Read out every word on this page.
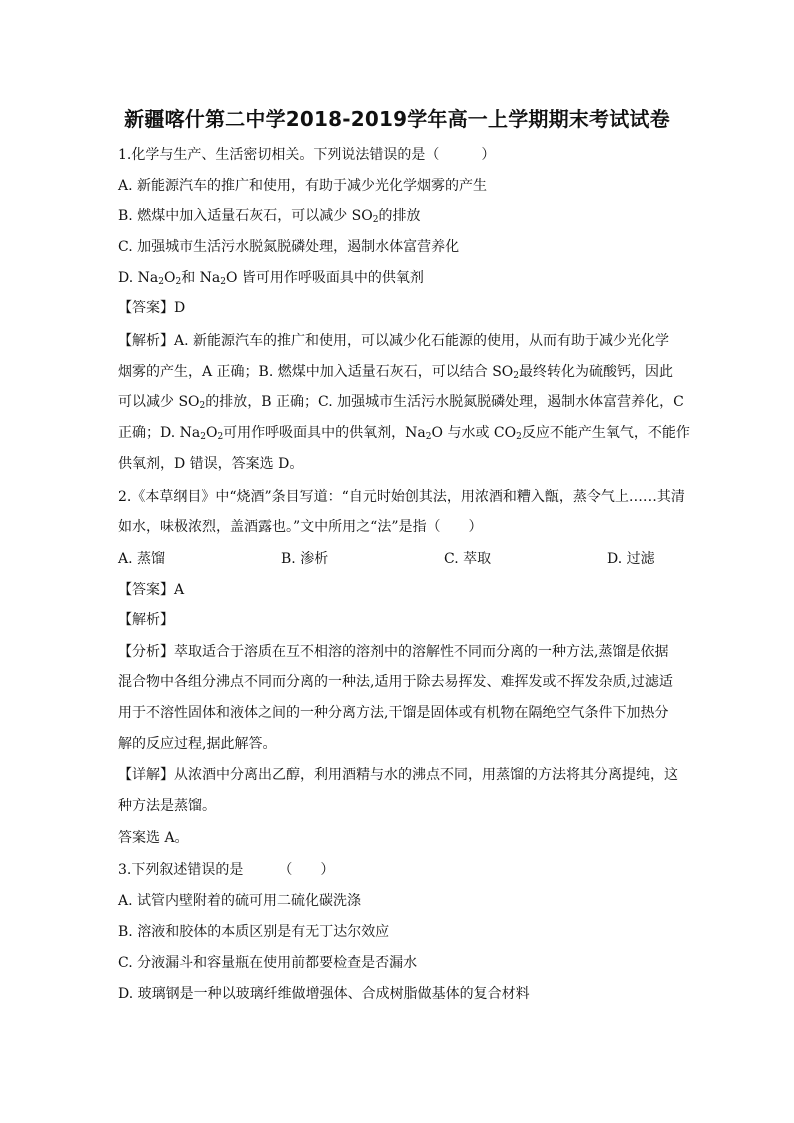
新疆喀什第二中学2018-2019学年高一上学期期末考试试卷
1.化学与生产、生活密切相关。下列说法错误的是（　　　）
A. 新能源汽车的推广和使用，有助于减少光化学烟雾的产生
B. 燃煤中加入适量石灰石，可以减少 $SO_2$的排放
C. 加强城市生活污水脱氮脱磷处理，遏制水体富营养化
D. $Na_2O_2$和 $Na_2O$ 皆可用作呼吸面具中的供氧剂
【答案】D
【解析】A. 新能源汽车的推广和使用，可以减少化石能源的使用，从而有助于减少光化学
烟雾的产生，A 正确；B. 燃煤中加入适量石灰石，可以结合 $SO_2$最终转化为硫酸钙，因此
可以减少 $SO_2$的排放，B 正确；C. 加强城市生活污水脱氮脱磷处理，遏制水体富营养化，C
正确；D. $Na_2O_2$可用作呼吸面具中的供氧剂，$Na_2O$ 与水或 $CO_2$反应不能产生氧气，不能作
供氧剂，D 错误，答案选 D。
2.《本草纲目》中“烧酒”条目写道：“自元时始创其法，用浓酒和糟入甑，蒸令气上……其清
如水，味极浓烈，盖酒露也。”文中所用之“法”是指（　　）
A. 蒸馏	B. 渗析	C. 萃取	D. 过滤
【答案】A
【解析】
【分析】萃取适合于溶质在互不相溶的溶剂中的溶解性不同而分离的一种方法,蒸馏是依据
混合物中各组分沸点不同而分离的一种法,适用于除去易挥发、难挥发或不挥发杂质,过滤适
用于不溶性固体和液体之间的一种分离方法,干馏是固体或有机物在隔绝空气条件下加热分
解的反应过程,据此解答。
【详解】从浓酒中分离出乙醇，利用酒精与水的沸点不同，用蒸馏的方法将其分离提纯，这
种方法是蒸馏。
答案选 A。
3.下列叙述错误的是　　　（　　）
A. 试管内壁附着的硫可用二硫化碳洗涤
B. 溶液和胶体的本质区别是有无丁达尔效应
C. 分液漏斗和容量瓶在使用前都要检查是否漏水
D. 玻璃钢是一种以玻璃纤维做增强体、合成树脂做基体的复合材料
